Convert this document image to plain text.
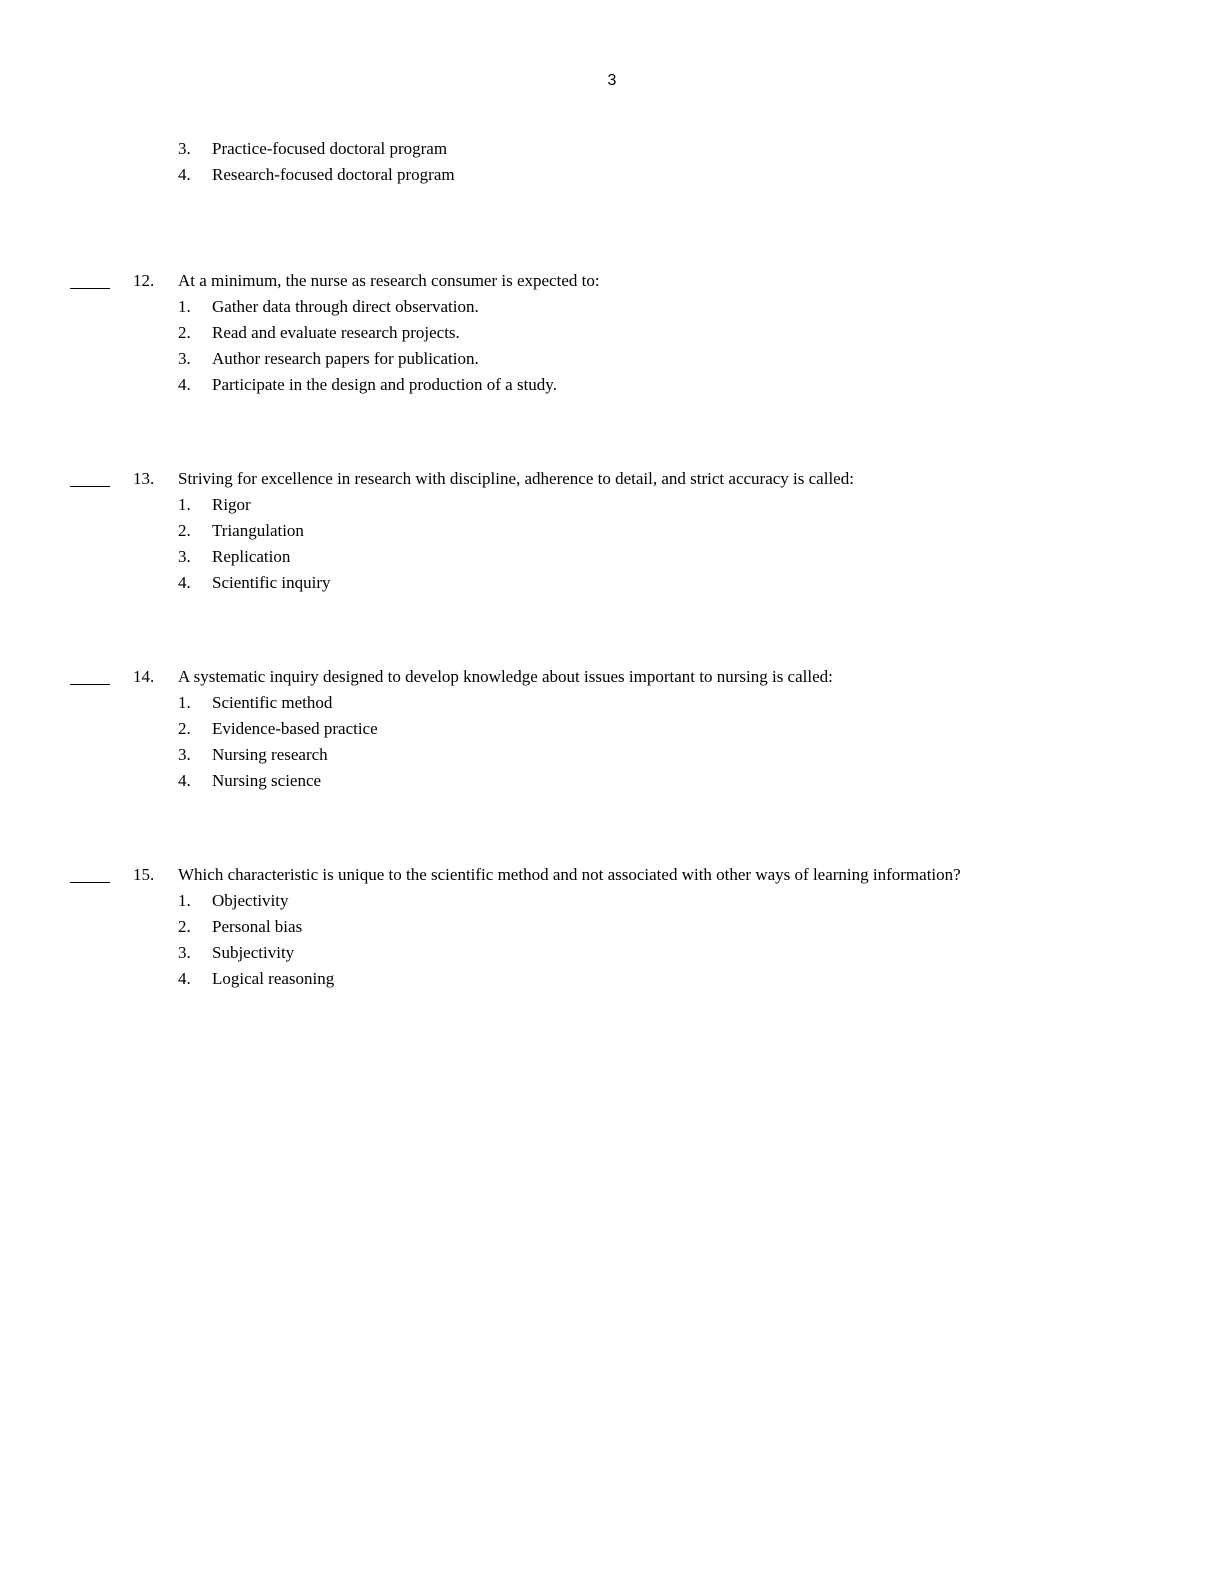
3
3.	Practice-focused doctoral program
4.	Research-focused doctoral program
12.	At a minimum, the nurse as research consumer is expected to:
1.	Gather data through direct observation.
2.	Read and evaluate research projects.
3.	Author research papers for publication.
4.	Participate in the design and production of a study.
13.	Striving for excellence in research with discipline, adherence to detail, and strict accuracy is called:
1.	Rigor
2.	Triangulation
3.	Replication
4.	Scientific inquiry
14.	A systematic inquiry designed to develop knowledge about issues important to nursing is called:
1.	Scientific method
2.	Evidence-based practice
3.	Nursing research
4.	Nursing science
15.	Which characteristic is unique to the scientific method and not associated with other ways of learning information?
1.	Objectivity
2.	Personal bias
3.	Subjectivity
4.	Logical reasoning
